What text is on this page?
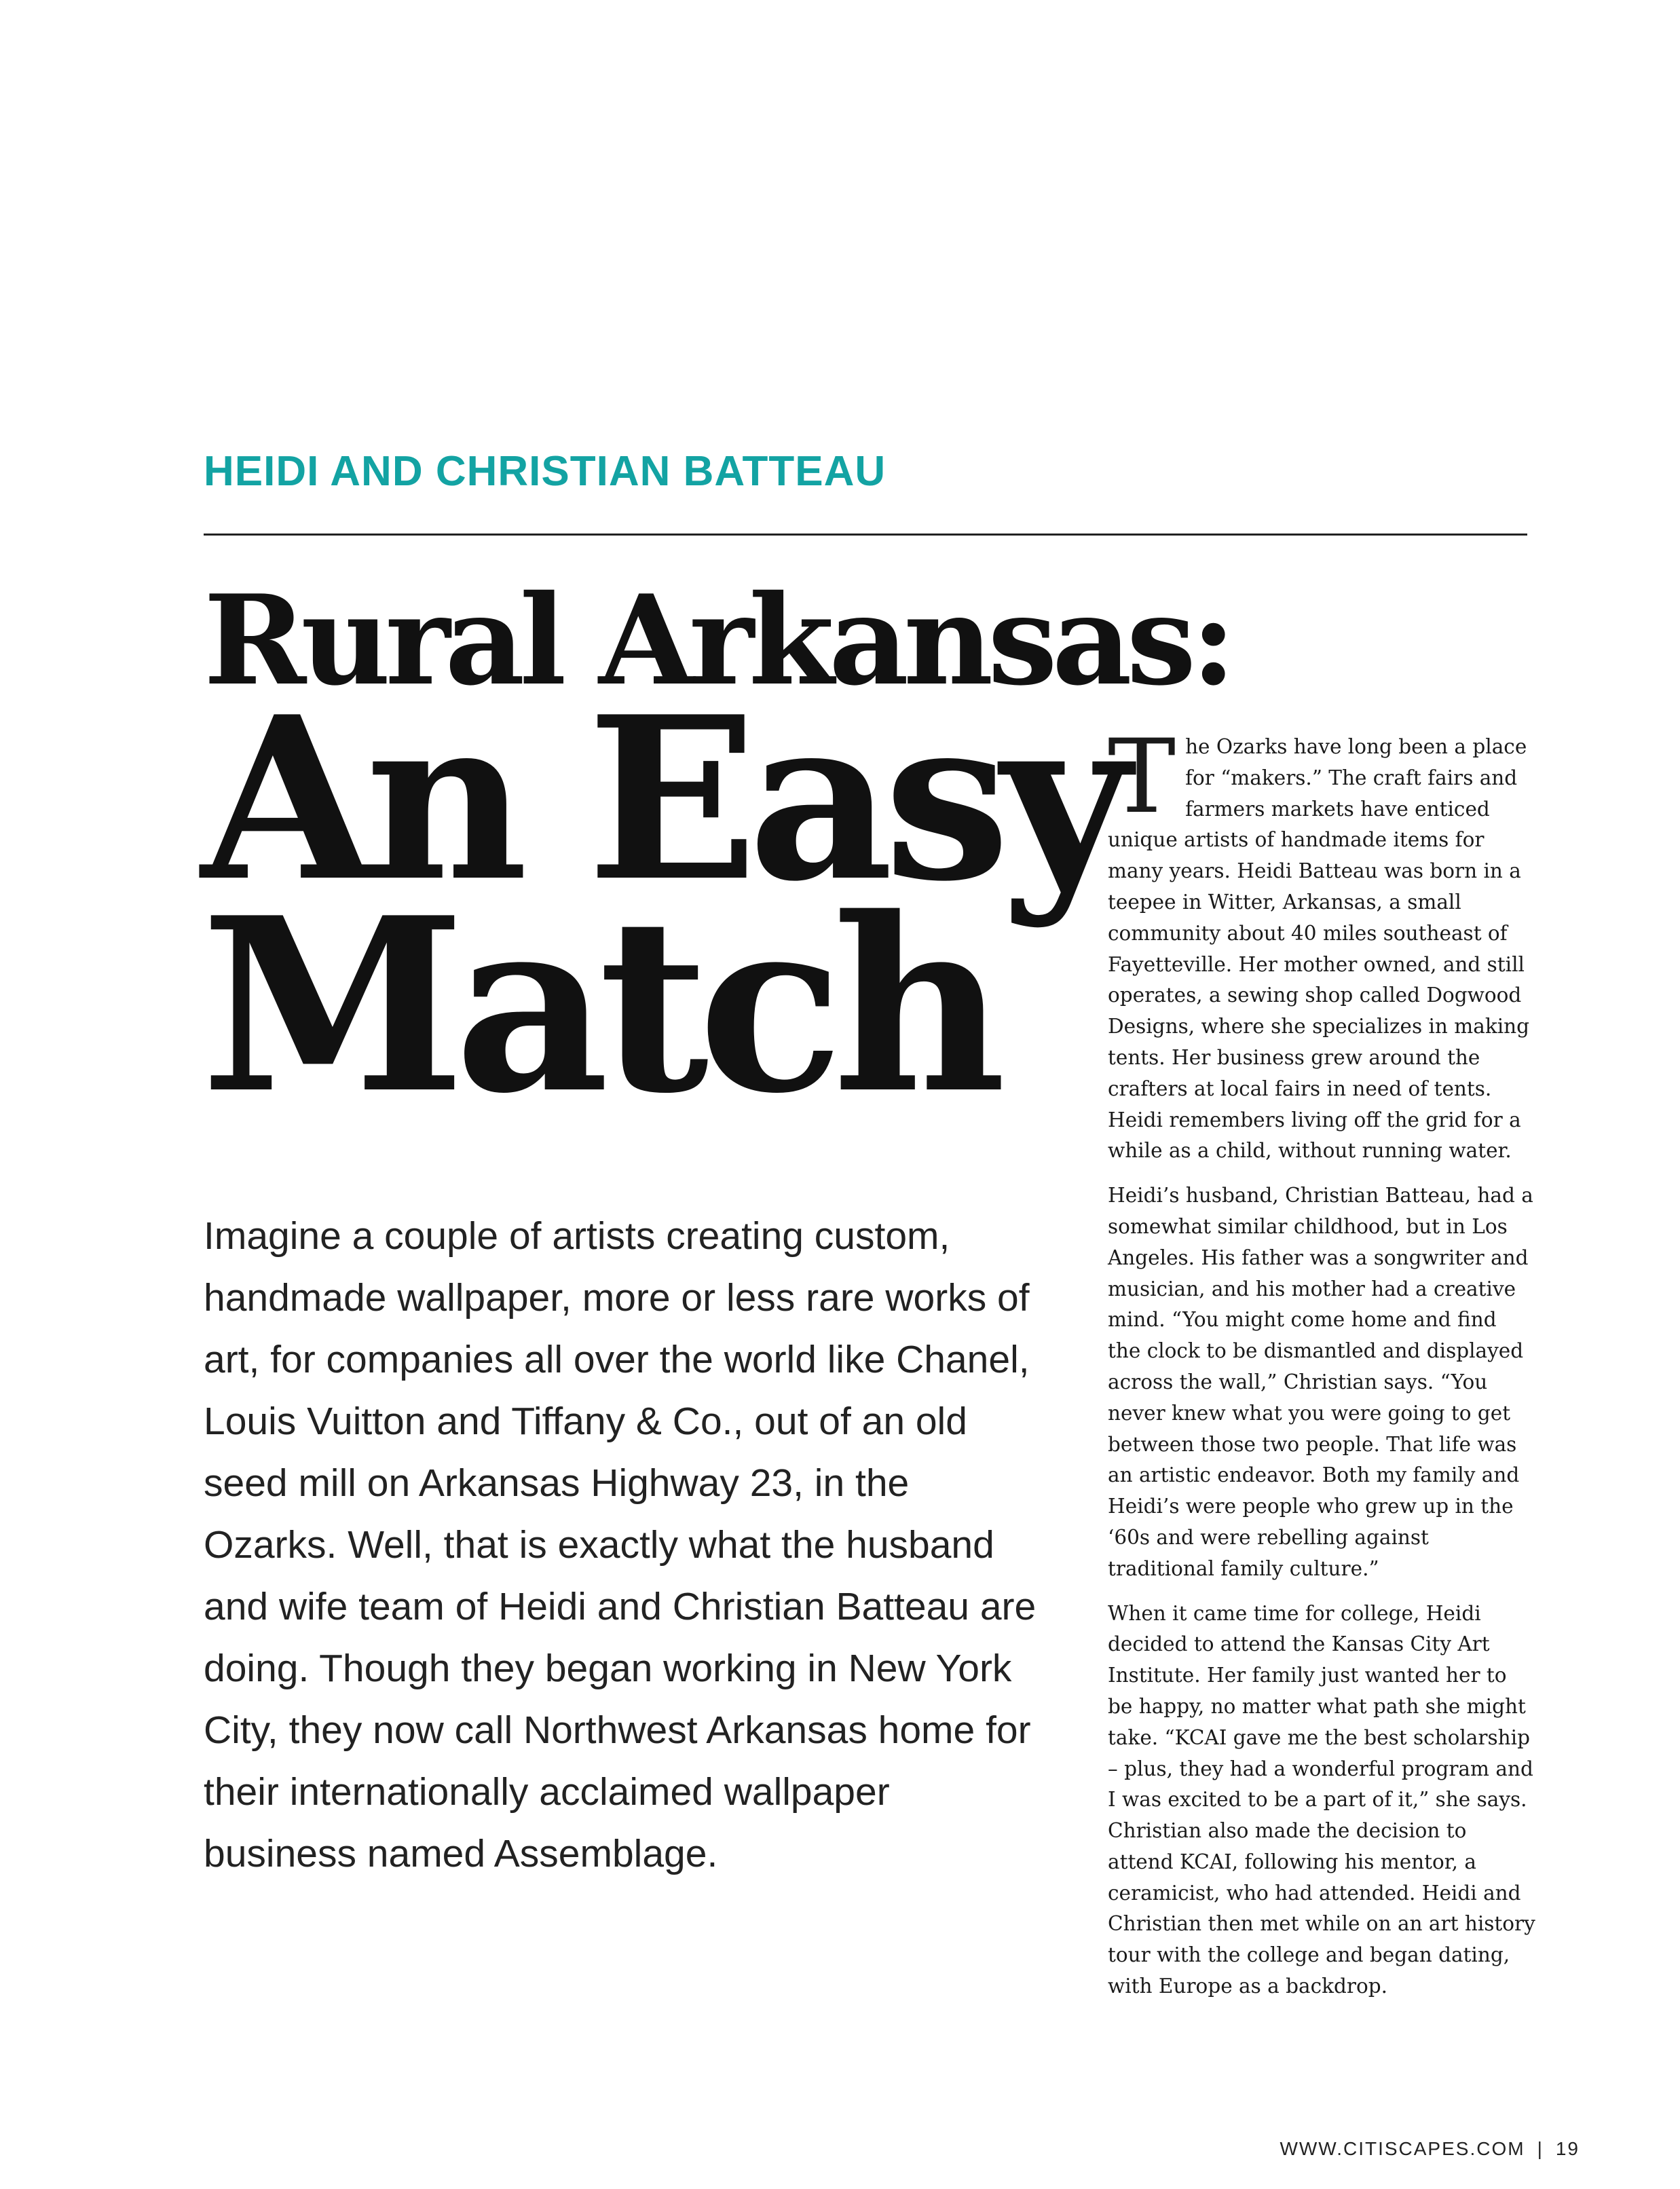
HEIDI AND CHRISTIAN BATTEAU
Rural Arkansas:
An Easy
Match

Imagine a couple of artists creating custom, handmade wallpaper, more or less rare works of art, for companies all over the world like Chanel, Louis Vuitton and Tiffany & Co., out of an old seed mill on Arkansas Highway 23, in the Ozarks. Well, that is exactly what the husband and wife team of Heidi and Christian Batteau are doing. Though they began working in New York City, they now call Northwest Arkansas home for their internationally acclaimed wallpaper business named Assemblage.

The Ozarks have long been a place for “makers.” The craft fairs and farmers markets have enticed unique artists of handmade items for many years. Heidi Batteau was born in a teepee in Witter, Arkansas, a small community about 40 miles southeast of Fayetteville. Her mother owned, and still operates, a sewing shop called Dogwood Designs, where she specializes in making tents. Her business grew around the crafters at local fairs in need of tents. Heidi remembers living off the grid for a while as a child, without running water.

Heidi’s husband, Christian Batteau, had a somewhat similar childhood, but in Los Angeles. His father was a songwriter and musician, and his mother had a creative mind. “You might come home and find the clock to be dismantled and displayed across the wall,” Christian says. “You never knew what you were going to get between those two people. That life was an artistic endeavor. Both my family and Heidi’s were people who grew up in the ‘60s and were rebelling against traditional family culture.”

When it came time for college, Heidi decided to attend the Kansas City Art Institute. Her family just wanted her to be happy, no matter what path she might take. “KCAI gave me the best scholarship – plus, they had a wonderful program and I was excited to be a part of it,” she says. Christian also made the decision to attend KCAI, following his mentor, a ceramicist, who had attended. Heidi and Christian then met while on an art history tour with the college and began dating, with Europe as a backdrop.

WWW.CITISCAPES.COM | 19
